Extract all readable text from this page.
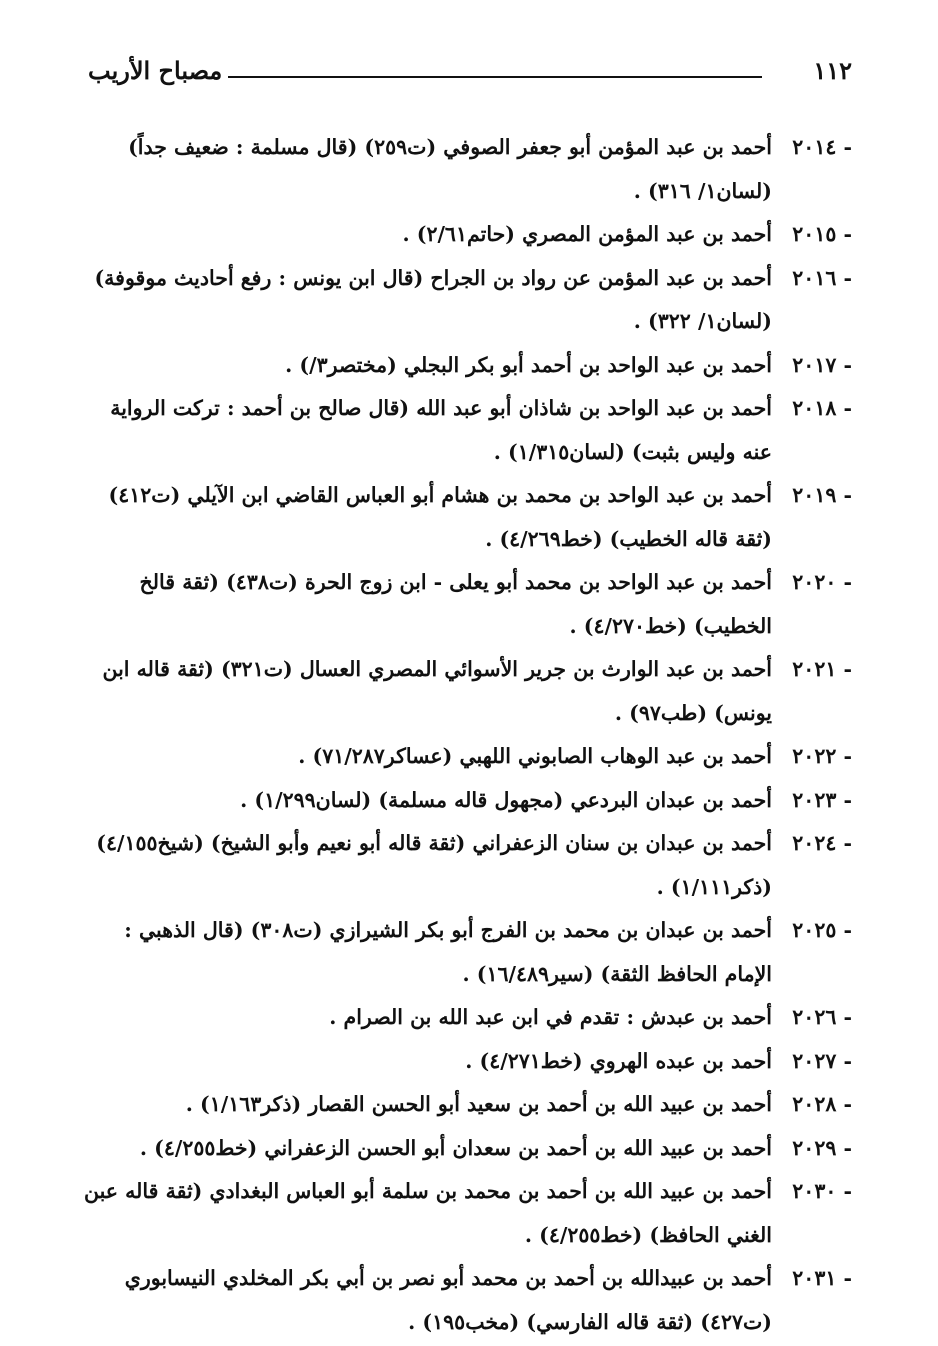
١١٢
مصباح الأريب
٢٠١٤ -
أحمد بن عبد المؤمن أبو جعفر الصوفي (ت٢٥٩) (قال مسلمة : ضعيف جداً) (لسان١/ ٣١٦) .
٢٠١٥ -
أحمد بن عبد المؤمن المصري (حاتم٢/٦١) .
٢٠١٦ -
أحمد بن عبد المؤمن عن رواد بن الجراح (قال ابن يونس : رفع أحاديث موقوفة) (لسان١/ ٣٢٢) .
٢٠١٧ -
أحمد بن عبد الواحد بن أحمد أبو بكر البجلي (مختصر٣/) .
٢٠١٨ -
أحمد بن عبد الواحد بن شاذان أبو عبد الله (قال صالح بن أحمد : تركت الرواية عنه وليس بثبت) (لسان١/٣١٥) .
٢٠١٩ -
أحمد بن عبد الواحد بن محمد بن هشام أبو العباس القاضي ابن الآيلي (ت٤١٢) (ثقة قاله الخطيب) (خط٤/٢٦٩) .
٢٠٢٠ -
أحمد بن عبد الواحد بن محمد أبو يعلى - ابن زوج الحرة (ت٤٣٨) (ثقة قالخ الخطيب) (خط٤/٢٧٠) .
٢٠٢١ -
أحمد بن عبد الوارث بن جرير الأسوائي المصري العسال (ت٣٢١) (ثقة قاله ابن يونس) (طب٩٧) .
٢٠٢٢ -
أحمد بن عبد الوهاب الصابوني اللهبي (عساكر٧١/٢٨٧) .
٢٠٢٣ -
أحمد بن عبدان البردعي (مجهول قاله مسلمة) (لسان١/٢٩٩) .
٢٠٢٤ -
أحمد بن عبدان بن سنان الزعفراني (ثقة قاله أبو نعيم وأبو الشيخ) (شيخ٤/١٥٥) (ذكر١/١١١) .
٢٠٢٥ -
أحمد بن عبدان بن محمد بن الفرج أبو بكر الشيرازي (ت٣٠٨) (قال الذهبي : الإمام الحافظ الثقة) (سير١٦/٤٨٩) .
٢٠٢٦ -
أحمد بن عبدش : تقدم في ابن عبد الله بن الصرام .
٢٠٢٧ -
أحمد بن عبده الهروي (خط٤/٢٧١) .
٢٠٢٨ -
أحمد بن عبيد الله بن أحمد بن سعيد أبو الحسن القصار (ذكر١/١٦٣) .
٢٠٢٩ -
أحمد بن عبيد الله بن أحمد بن سعدان أبو الحسن الزعفراني (خط٤/٢٥٥) .
٢٠٣٠ -
أحمد بن عبيد الله بن أحمد بن محمد بن سلمة أبو العباس البغدادي (ثقة قاله عبن الغني الحافظ) (خط٤/٢٥٥) .
٢٠٣١ -
أحمد بن عبيدالله بن أحمد بن محمد أبو نصر بن أبي بكر المخلدي النيسابوري (ت٤٢٧) (ثقة قاله الفارسي) (مخب١٩٥) .
